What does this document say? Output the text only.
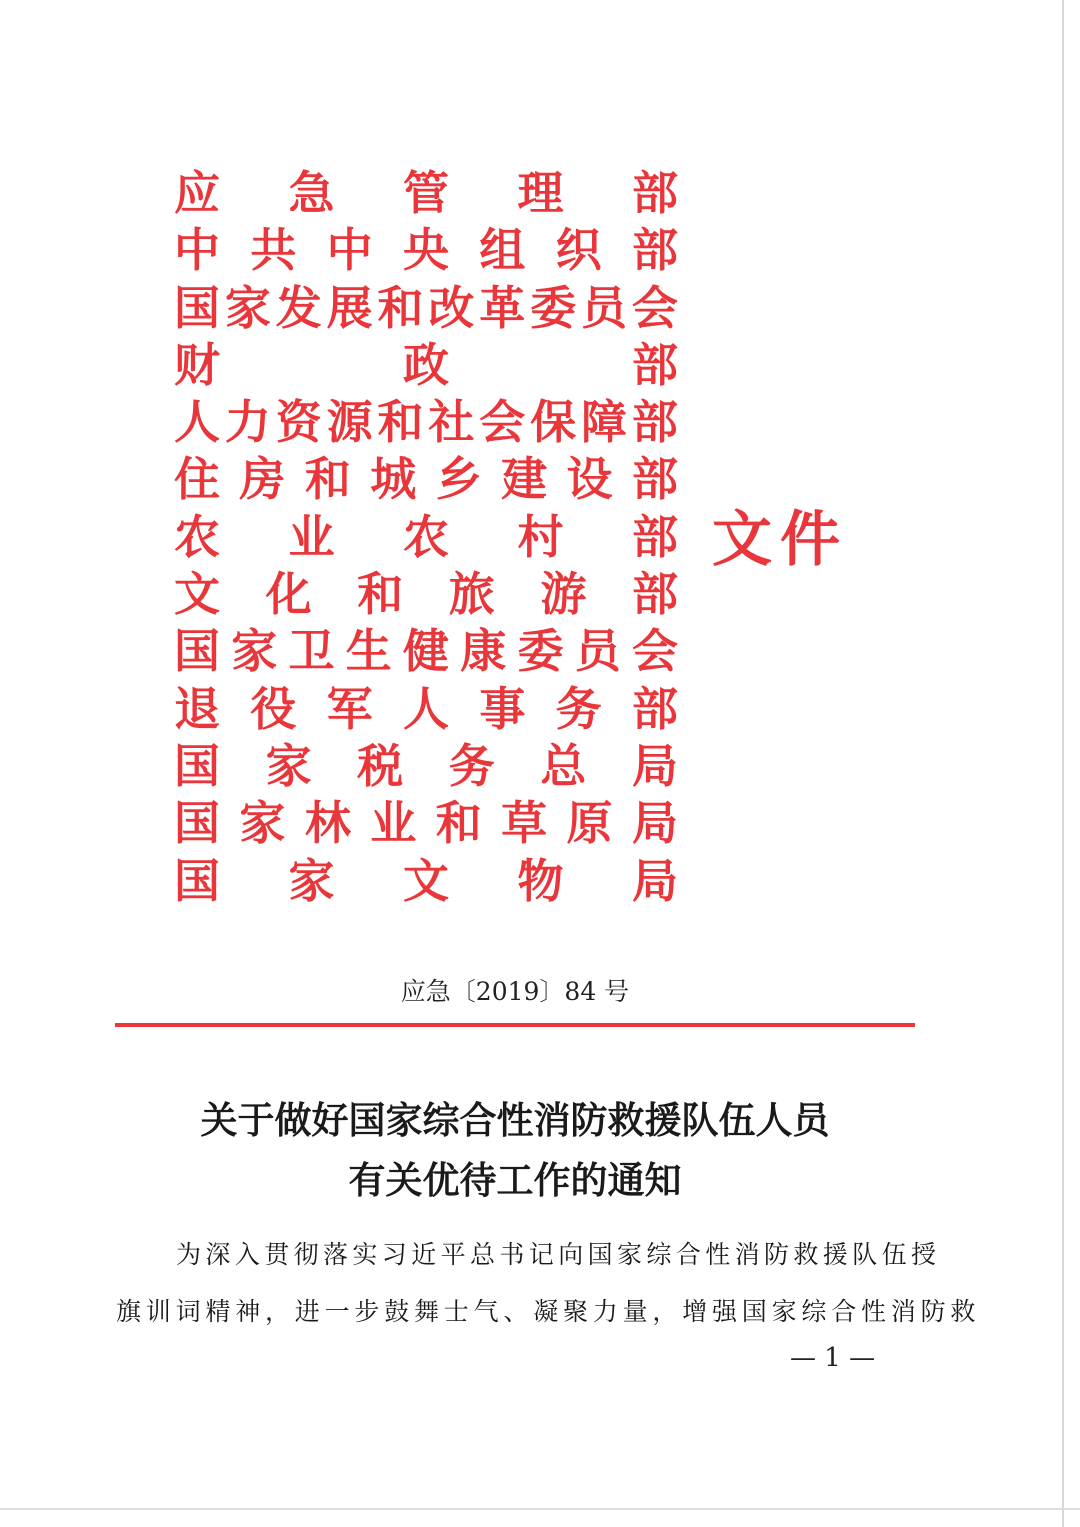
应 急 管 理 部
中 共 中 央 组 织 部
国 家 发 展 和 改 革 委 员 会
财	政	部
人 力 资 源 和 社 会 保 障 部
住 房 和 城 乡 建 设 部
农 业 农 村 部
文 化 和 旅 游 部
国 家 卫 生 健 康 委 员 会
退 役 军 人 事 务 部
国 家 税 务 总 局
国 家 林 业 和 草 原 局
国 家 文 物 局
文件
应急〔2019〕84 号
关于做好国家综合性消防救援队伍人员
有关优待工作的通知
为深入贯彻落实习近平总书记向国家综合性消防救援队伍授
旗训词精神，进一步鼓舞士气、凝聚力量，增强国家综合性消防救
— 1 —
